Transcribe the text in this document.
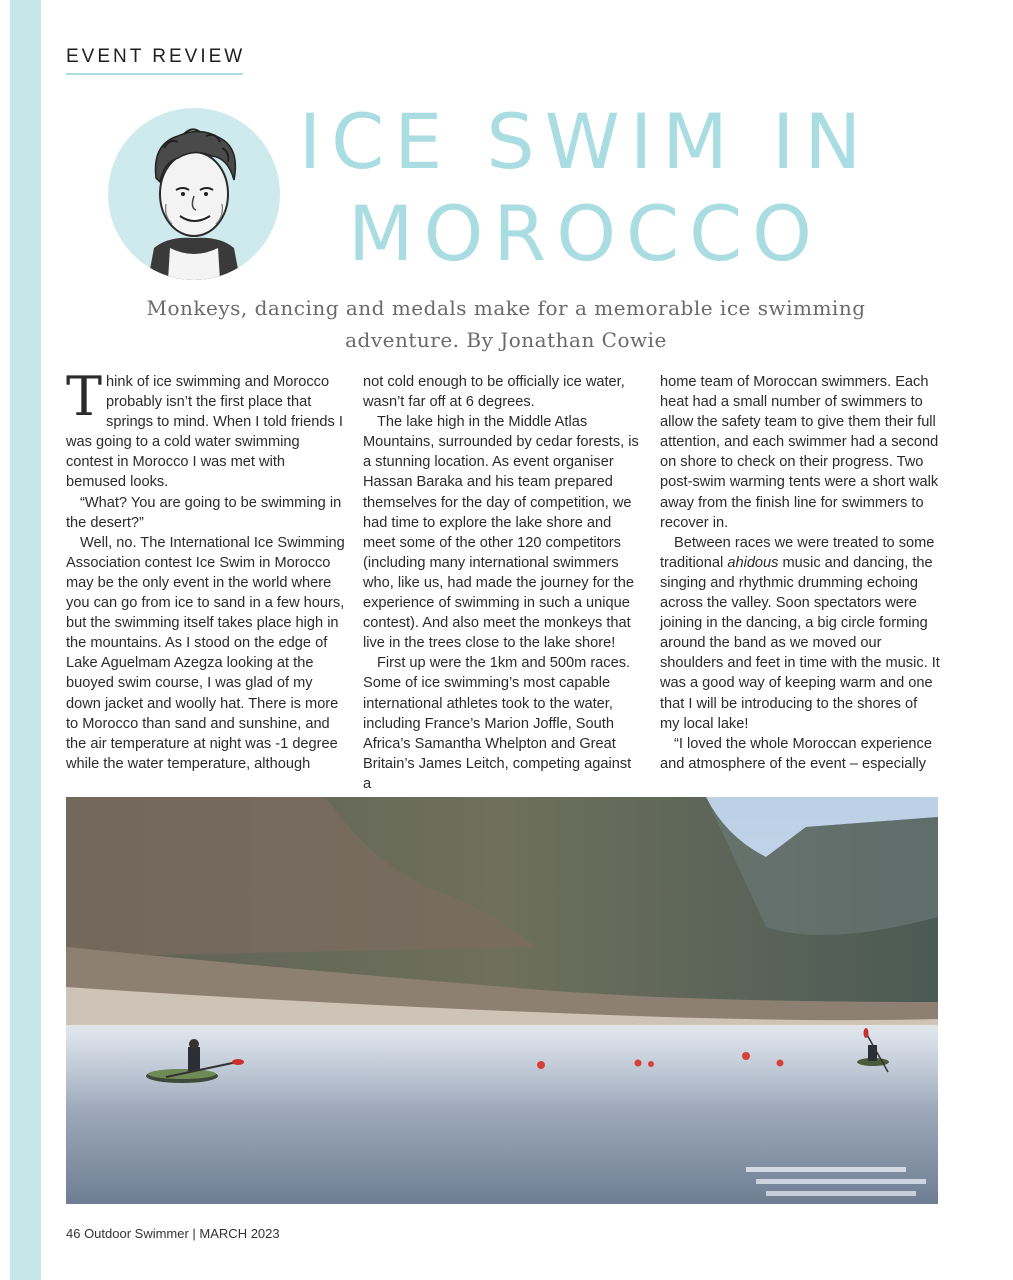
EVENT REVIEW
ICE SWIM IN
MOROCCO
Monkeys, dancing and medals make for a memorable ice swimming adventure. By Jonathan Cowie

Think of ice swimming and Morocco probably isn’t the first place that springs to mind. When I told friends I was going to a cold water swimming contest in Morocco I was met with bemused looks.

“What? You are going to be swimming in the desert?”

Well, no. The International Ice Swimming Association contest Ice Swim in Morocco may be the only event in the world where you can go from ice to sand in a few hours, but the swimming itself takes place high in the mountains. As I stood on the edge of Lake Aguelmam Azegza looking at the buoyed swim course, I was glad of my down jacket and woolly hat. There is more to Morocco than sand and sunshine, and the air temperature at night was -1 degree while the water temperature, although

not cold enough to be officially ice water, wasn’t far off at 6 degrees.

The lake high in the Middle Atlas Mountains, surrounded by cedar forests, is a stunning location. As event organiser Hassan Baraka and his team prepared themselves for the day of competition, we had time to explore the lake shore and meet some of the other 120 competitors (including many international swimmers who, like us, had made the journey for the experience of swimming in such a unique contest). And also meet the monkeys that live in the trees close to the lake shore!

First up were the 1km and 500m races. Some of ice swimming’s most capable international athletes took to the water, including France’s Marion Joffle, South Africa’s Samantha Whelpton and Great Britain’s James Leitch, competing against a

home team of Moroccan swimmers. Each heat had a small number of swimmers to allow the safety team to give them their full attention, and each swimmer had a second on shore to check on their progress. Two post-swim warming tents were a short walk away from the finish line for swimmers to recover in.

Between races we were treated to some traditional ahidous music and dancing, the singing and rhythmic drumming echoing across the valley. Soon spectators were joining in the dancing, a big circle forming around the band as we moved our shoulders and feet in time with the music. It was a good way of keeping warm and one that I will be introducing to the shores of my local lake!

“I loved the whole Moroccan experience and atmosphere of the event – especially

46 Outdoor Swimmer | MARCH 2023
